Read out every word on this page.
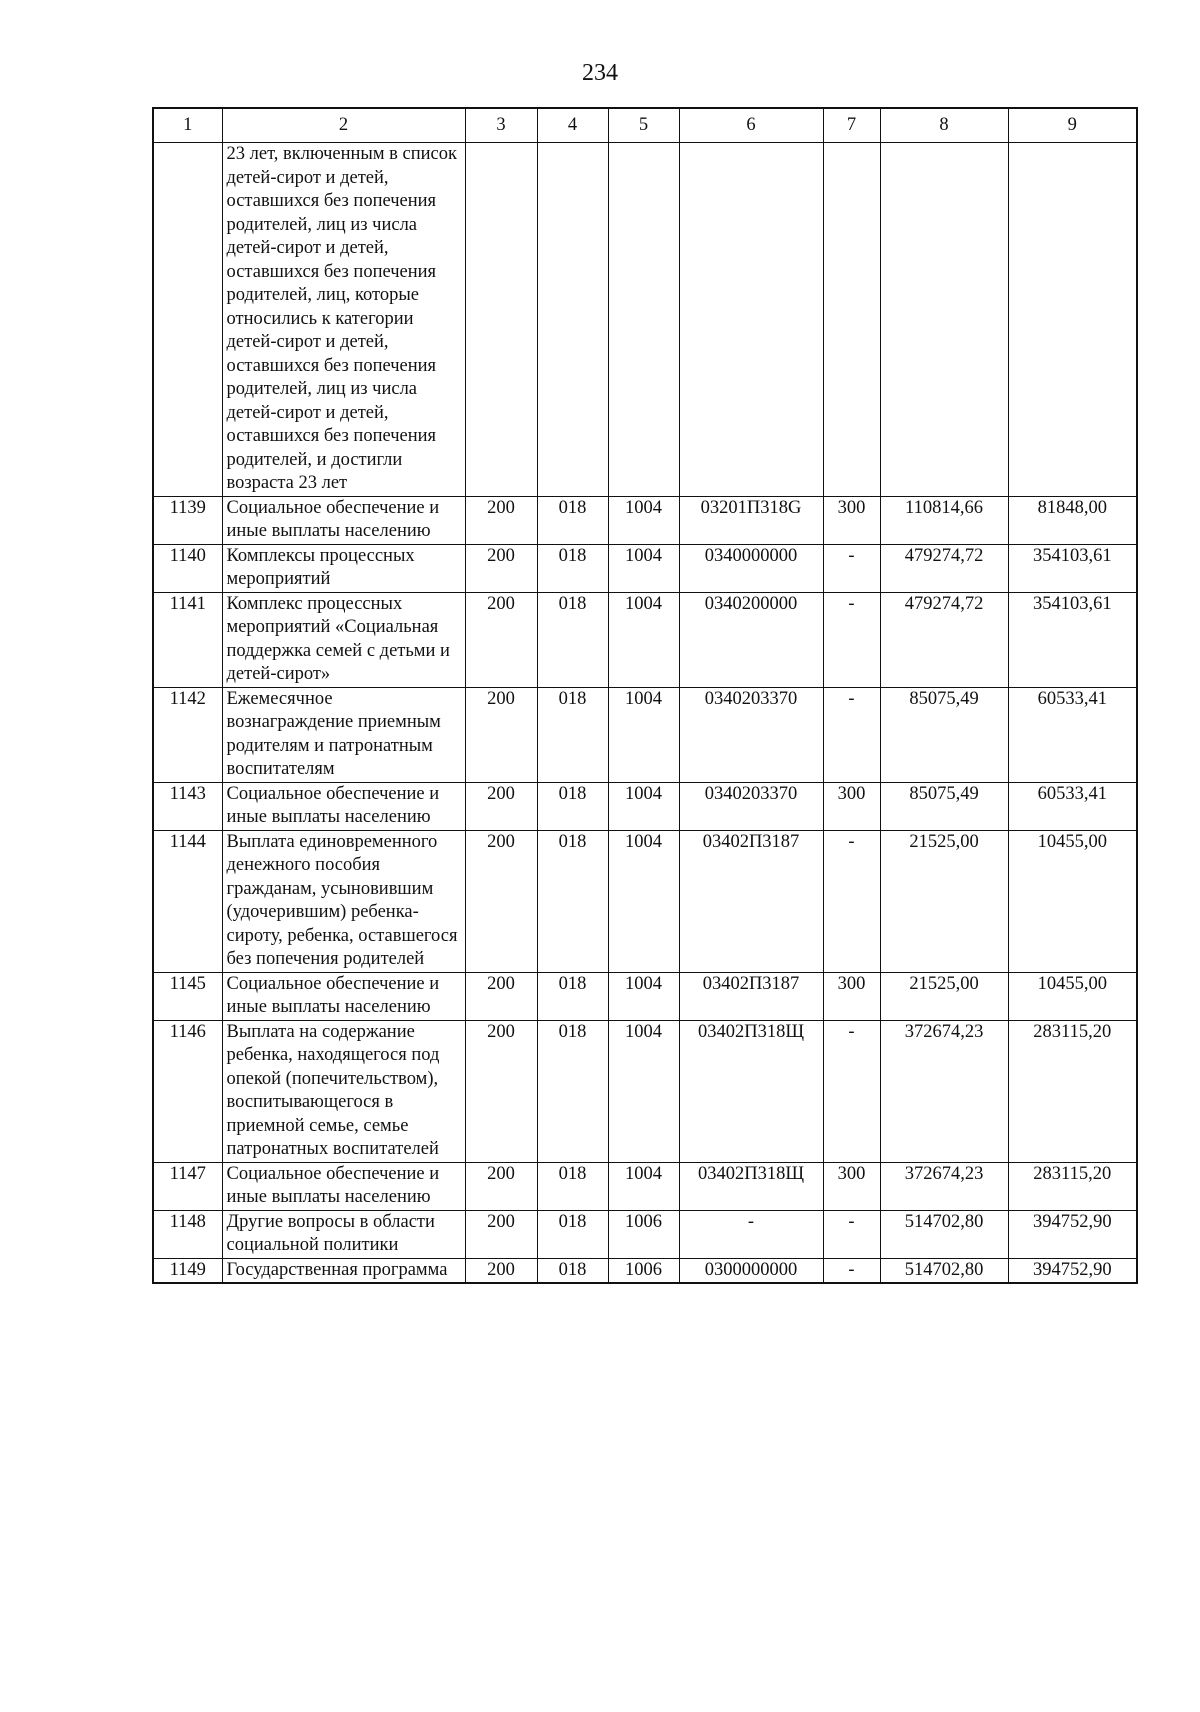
234
1	2	3	4	5	6	7	8	9
	23 лет, включенным в список детей-сирот и детей, оставшихся без попечения родителей, лиц из числа детей-сирот и детей, оставшихся без попечения родителей, лиц, которые относились к категории детей-сирот и детей, оставшихся без попечения родителей, лиц из числа детей-сирот и детей, оставшихся без попечения родителей, и достигли возраста 23 лет							
1139	Социальное обеспечение и иные выплаты населению	200	018	1004	03201П318G	300	110814,66	81848,00
1140	Комплексы процессных мероприятий	200	018	1004	0340000000	-	479274,72	354103,61
1141	Комплекс процессных мероприятий «Социальная поддержка семей с детьми и детей-сирот»	200	018	1004	0340200000	-	479274,72	354103,61
1142	Ежемесячное вознаграждение приемным родителям и патронатным воспитателям	200	018	1004	0340203370	-	85075,49	60533,41
1143	Социальное обеспечение и иные выплаты населению	200	018	1004	0340203370	300	85075,49	60533,41
1144	Выплата единовременного денежного пособия гражданам, усыновившим (удочерившим) ребенка-сироту, ребенка, оставшегося без попечения родителей	200	018	1004	03402П3187	-	21525,00	10455,00
1145	Социальное обеспечение и иные выплаты населению	200	018	1004	03402П3187	300	21525,00	10455,00
1146	Выплата на содержание ребенка, находящегося под опекой (попечительством), воспитывающегося в приемной семье, семье патронатных воспитателей	200	018	1004	03402П318Щ	-	372674,23	283115,20
1147	Социальное обеспечение и иные выплаты населению	200	018	1004	03402П318Щ	300	372674,23	283115,20
1148	Другие вопросы в области социальной политики	200	018	1006	-	-	514702,80	394752,90
1149	Государственная программа	200	018	1006	0300000000	-	514702,80	394752,90
